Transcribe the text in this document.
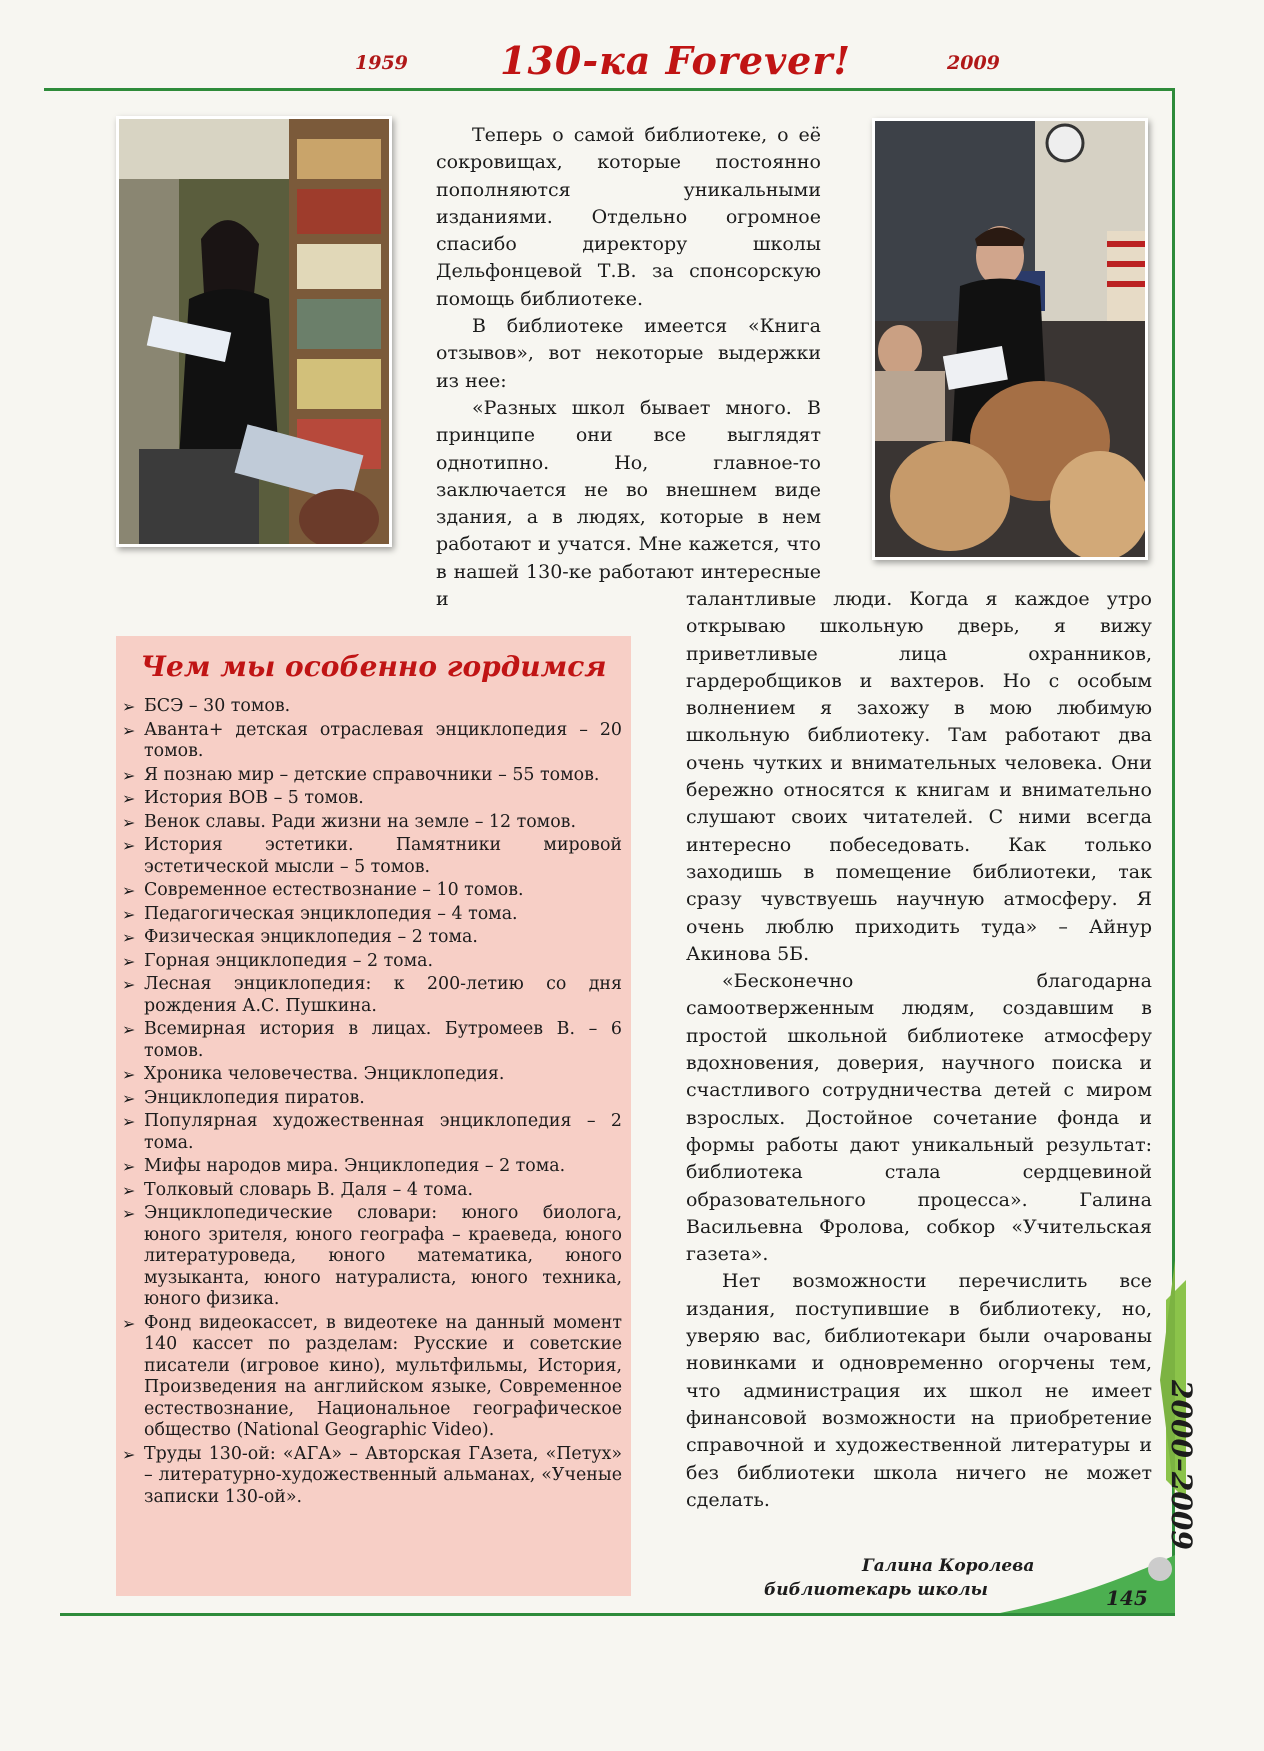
1959 130-ка Forever!	2009

Теперь о самой библиотеке, о её сокровищах, которые постоянно пополняются уникальными изданиями. Отдельно огромное спасибо директору школы Дельфонцевой Т.В. за спонсорскую помощь библиотеке.

В библиотеке имеется «Книга отзывов», вот некоторые выдержки из нее:

«Разных школ бывает много. В принципе они все выглядят однотипно. Но, главное-то заключается не во внешнем виде здания, а в людях, которые в нем работают и учатся. Мне кажется, что в нашей 130-ке работают интересные и	талантливые люди. Когда я каждое утро открываю школьную дверь, я вижу приветливые лица охранников, гардеробщиков и вахтеров. Но с особым волнением я захожу в мою любимую школьную библиотеку. Там работают два очень чутких и внимательных человека. Они бережно относятся к книгам и внимательно слушают своих читателей. С ними всегда интересно побеседовать. Как только заходишь в помещение библиотеки, так сразу чувствуешь научную атмосферу. Я очень люблю приходить туда» – Айнур Акинова 5Б.

«Бесконечно благодарна самоотверженным людям, создавшим в простой школьной библиотеке атмосферу вдохновения, доверия, научного поиска и счастливого сотрудничества детей с миром взрослых. Достойное сочетание фонда и формы работы дают уникальный результат: библиотека стала сердцевиной образовательного процесса». Галина Васильевна Фролова, собкор «Учительская газета».

Нет возможности перечислить все издания, поступившие в библиотеку, но, уверяю вас, библиотекари были очарованы новинками и одновременно огорчены тем, что администрация их школ не имеет финансовой возможности на приобретение справочной и художественной литературы и без библиотеки школа ничего не может сделать.

Чем мы особенно гордимся
➢ БСЭ – 30 томов.
➢ Аванта+ детская отраслевая энциклопедия – 20 томов.
➢ Я познаю мир – детские справочники – 55 томов.
➢ История ВОВ – 5 томов.
➢ Венок славы. Ради жизни на земле – 12 томов.
➢ История эстетики. Памятники мировой эстетической мысли – 5 томов.
➢ Современное естествознание – 10 томов.
➢ Педагогическая энциклопедия – 4 тома.
➢ Физическая энциклопедия – 2 тома.
➢ Горная энциклопедия – 2 тома.
➢ Лесная энциклопедия: к 200-летию со дня рождения А.С. Пушкина.
➢ Всемирная история в лицах. Бутромеев В. – 6 томов.
➢ Хроника человечества. Энциклопедия.
➢ Энциклопедия пиратов.
➢ Популярная художественная энциклопедия – 2 тома.
➢ Мифы народов мира. Энциклопедия – 2 тома.
➢ Толковый словарь В. Даля – 4 тома.
➢ Энциклопедические словари: юного биолога, юного зрителя, юного географа – краеведа, юного литературоведа, юного математика, юного музыканта, юного натуралиста, юного техника, юного физика.
➢ Фонд видеокассет, в видеотеке на данный момент 140 кассет по разделам: Русские и советские писатели (игровое кино), мультфильмы, История, Произведения на английском языке, Современное естествознание, Национальное географическое общество (National Geographic Video).
➢ Труды 130-ой: «АГА» – Авторская ГАзета, «Петух» – литературно-художественный альманах, «Ученые записки 130-ой».	2000–2009
Галина Королева
библиотекарь школы	145
